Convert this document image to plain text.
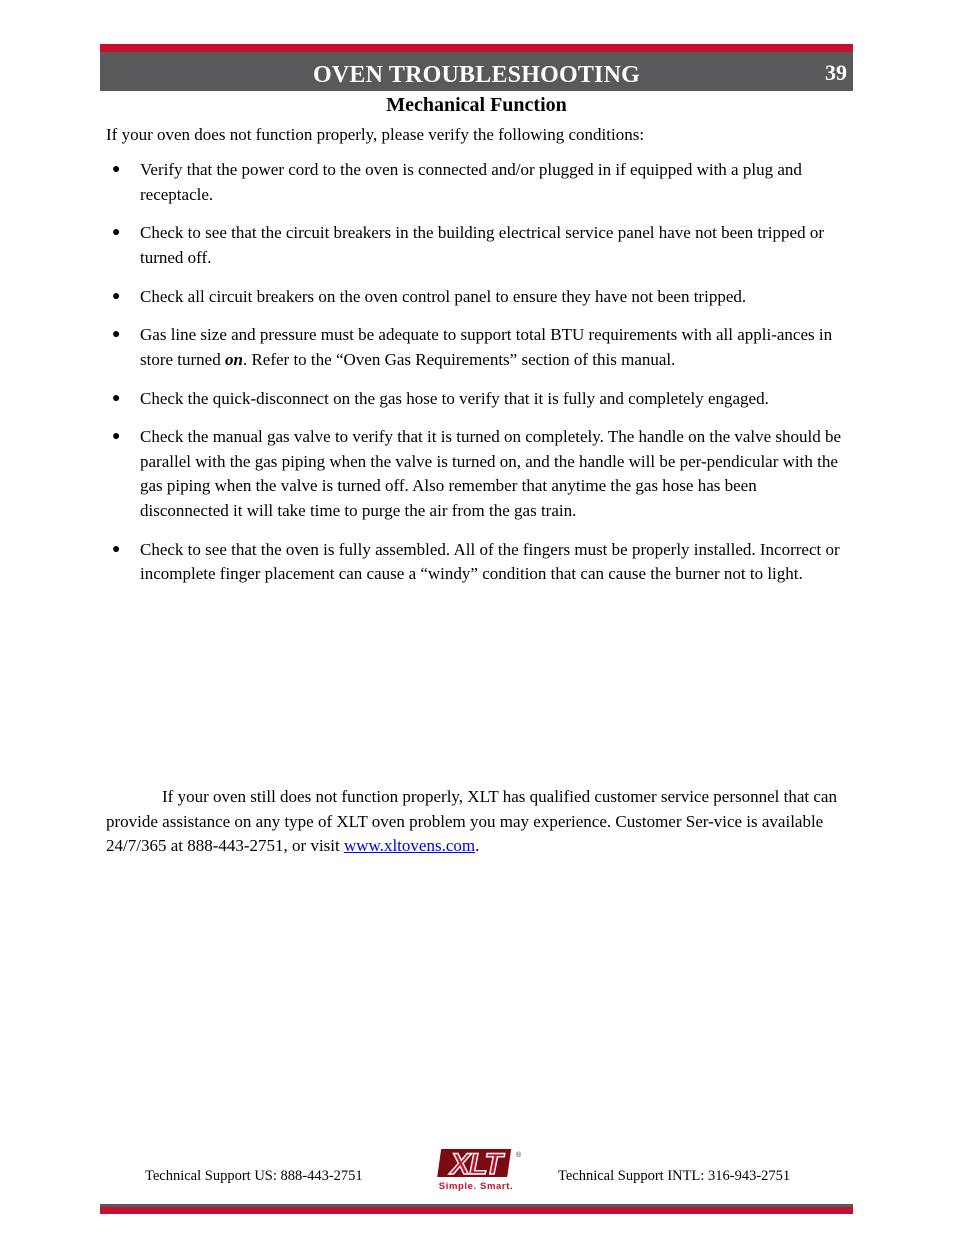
OVEN TROUBLESHOOTING	39
Mechanical Function
If your oven does not function properly, please verify the following conditions:
● Verify that the power cord to the oven is connected and/or plugged in if equipped with a plug and receptacle.
● Check to see that the circuit breakers in the building electrical service panel have not been tripped or turned off.
● Check all circuit breakers on the oven control panel to ensure they have not been tripped.
● Gas line size and pressure must be adequate to support total BTU requirements with all appli-ances in store turned on. Refer to the “Oven Gas Requirements” section of this manual.
● Check the quick-disconnect on the gas hose to verify that it is fully and completely engaged.
● Check the manual gas valve to verify that it is turned on completely. The handle on the valve should be parallel with the gas piping when the valve is turned on, and the handle will be per-pendicular with the gas piping when the valve is turned off. Also remember that anytime the gas hose has been disconnected it will take time to purge the air from the gas train.
● Check to see that the oven is fully assembled. All of the fingers must be properly installed. Incorrect or incomplete finger placement can cause a “windy” condition that can cause the burner not to light.
If your oven still does not function properly, XLT has qualified customer service personnel that can provide assistance on any type of XLT oven problem you may experience. Customer Ser-vice is available 24/7/365 at 888-443-2751, or visit www.xltovens.com.
Technical Support US: 888-443-2751	XLT	®
Simple. Smart.
Technical Support INTL: 316-943-2751
